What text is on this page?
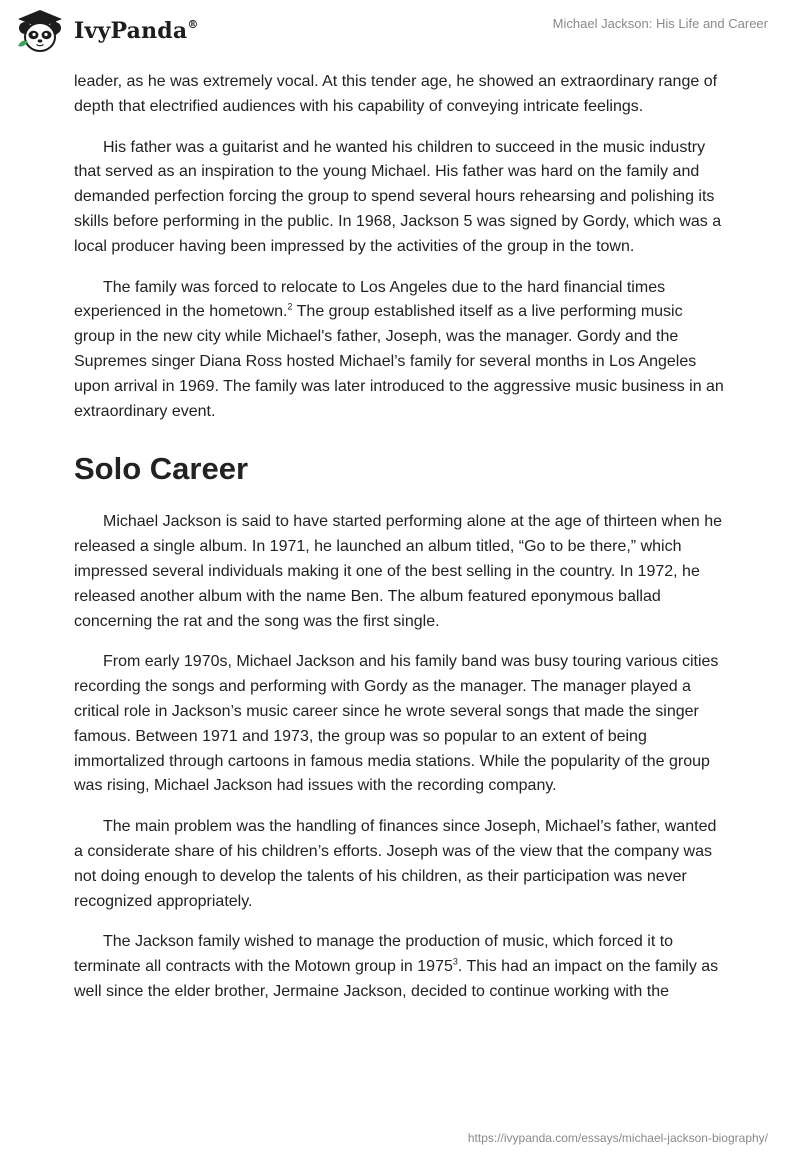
IvyPanda®	Michael Jackson: His Life and Career

leader, as he was extremely vocal. At this tender age, he showed an extraordinary range of depth that electrified audiences with his capability of conveying intricate feelings.

His father was a guitarist and he wanted his children to succeed in the music industry that served as an inspiration to the young Michael. His father was hard on the family and demanded perfection forcing the group to spend several hours rehearsing and polishing its skills before performing in the public. In 1968, Jackson 5 was signed by Gordy, which was a local producer having been impressed by the activities of the group in the town.

The family was forced to relocate to Los Angeles due to the hard financial times experienced in the hometown.$^2$ The group established itself as a live performing music group in the new city while Michael's father, Joseph, was the manager. Gordy and the Supremes singer Diana Ross hosted Michael’s family for several months in Los Angeles upon arrival in 1969. The family was later introduced to the aggressive music business in an extraordinary event.

Solo Career

Michael Jackson is said to have started performing alone at the age of thirteen when he released a single album. In 1971, he launched an album titled, “Go to be there,” which impressed several individuals making it one of the best selling in the country. In 1972, he released another album with the name Ben. The album featured eponymous ballad concerning the rat and the song was the first single.

From early 1970s, Michael Jackson and his family band was busy touring various cities recording the songs and performing with Gordy as the manager. The manager played a critical role in Jackson’s music career since he wrote several songs that made the singer famous. Between 1971 and 1973, the group was so popular to an extent of being immortalized through cartoons in famous media stations. While the popularity of the group was rising, Michael Jackson had issues with the recording company.

The main problem was the handling of finances since Joseph, Michael’s father, wanted a considerate share of his children’s efforts. Joseph was of the view that the company was not doing enough to develop the talents of his children, as their participation was never recognized appropriately.

The Jackson family wished to manage the production of music, which forced it to terminate all contracts with the Motown group in 1975$^3$. This had an impact on the family as well since the elder brother, Jermaine Jackson, decided to continue working with the

https://ivypanda.com/essays/michael-jackson-biography/
